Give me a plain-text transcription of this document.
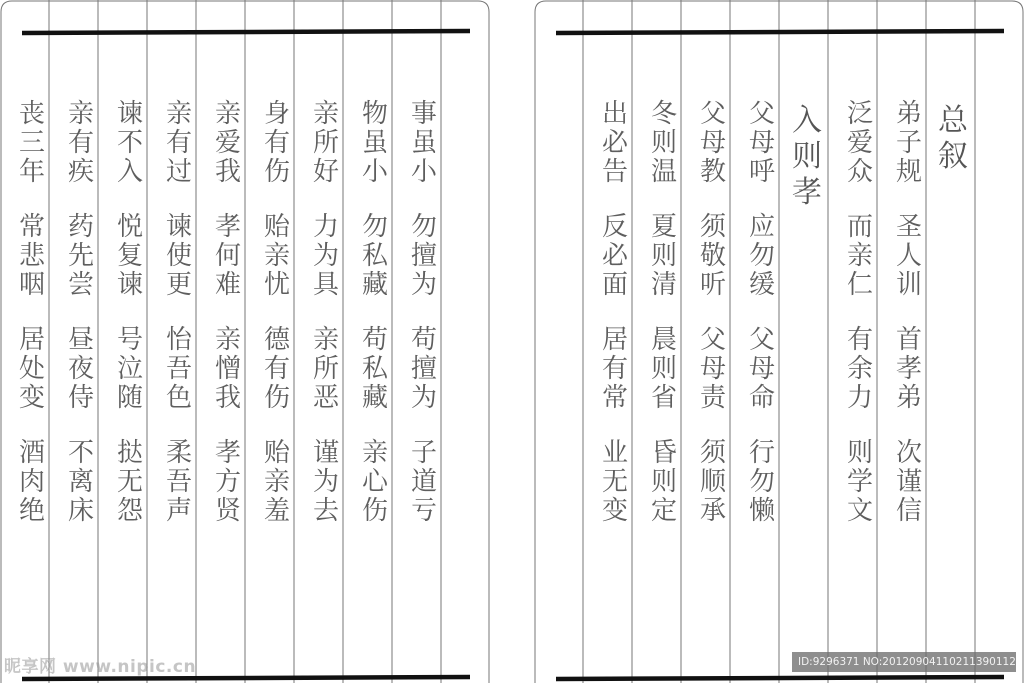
事虽小
勿擅为
苟擅为
子道亏
物虽小
勿私藏
苟私藏
亲心伤
亲所好
力为具
亲所恶
谨为去
身有伤
贻亲忧
德有伤
贻亲羞
亲爱我
孝何难
亲憎我
孝方贤
亲有过
谏使更
怡吾色
柔吾声
谏不入
悦复谏
号泣随
挞无怨
亲有疾
药先尝
昼夜侍
不离床
丧三年
常悲咽
居处变
酒肉绝
总叙
弟子规
圣人训
首孝弟
次谨信
泛爱众
而亲仁
有余力
则学文
入则孝
父母呼
应勿缓
父母命
行勿懒
父母教
须敬听
父母责
须顺承
冬则温
夏则清
晨则省
昏则定
出必告
反必面
居有常
业无变
昵享网 www.nipic.cn	ID:9296371 NO:20120904110211390112
